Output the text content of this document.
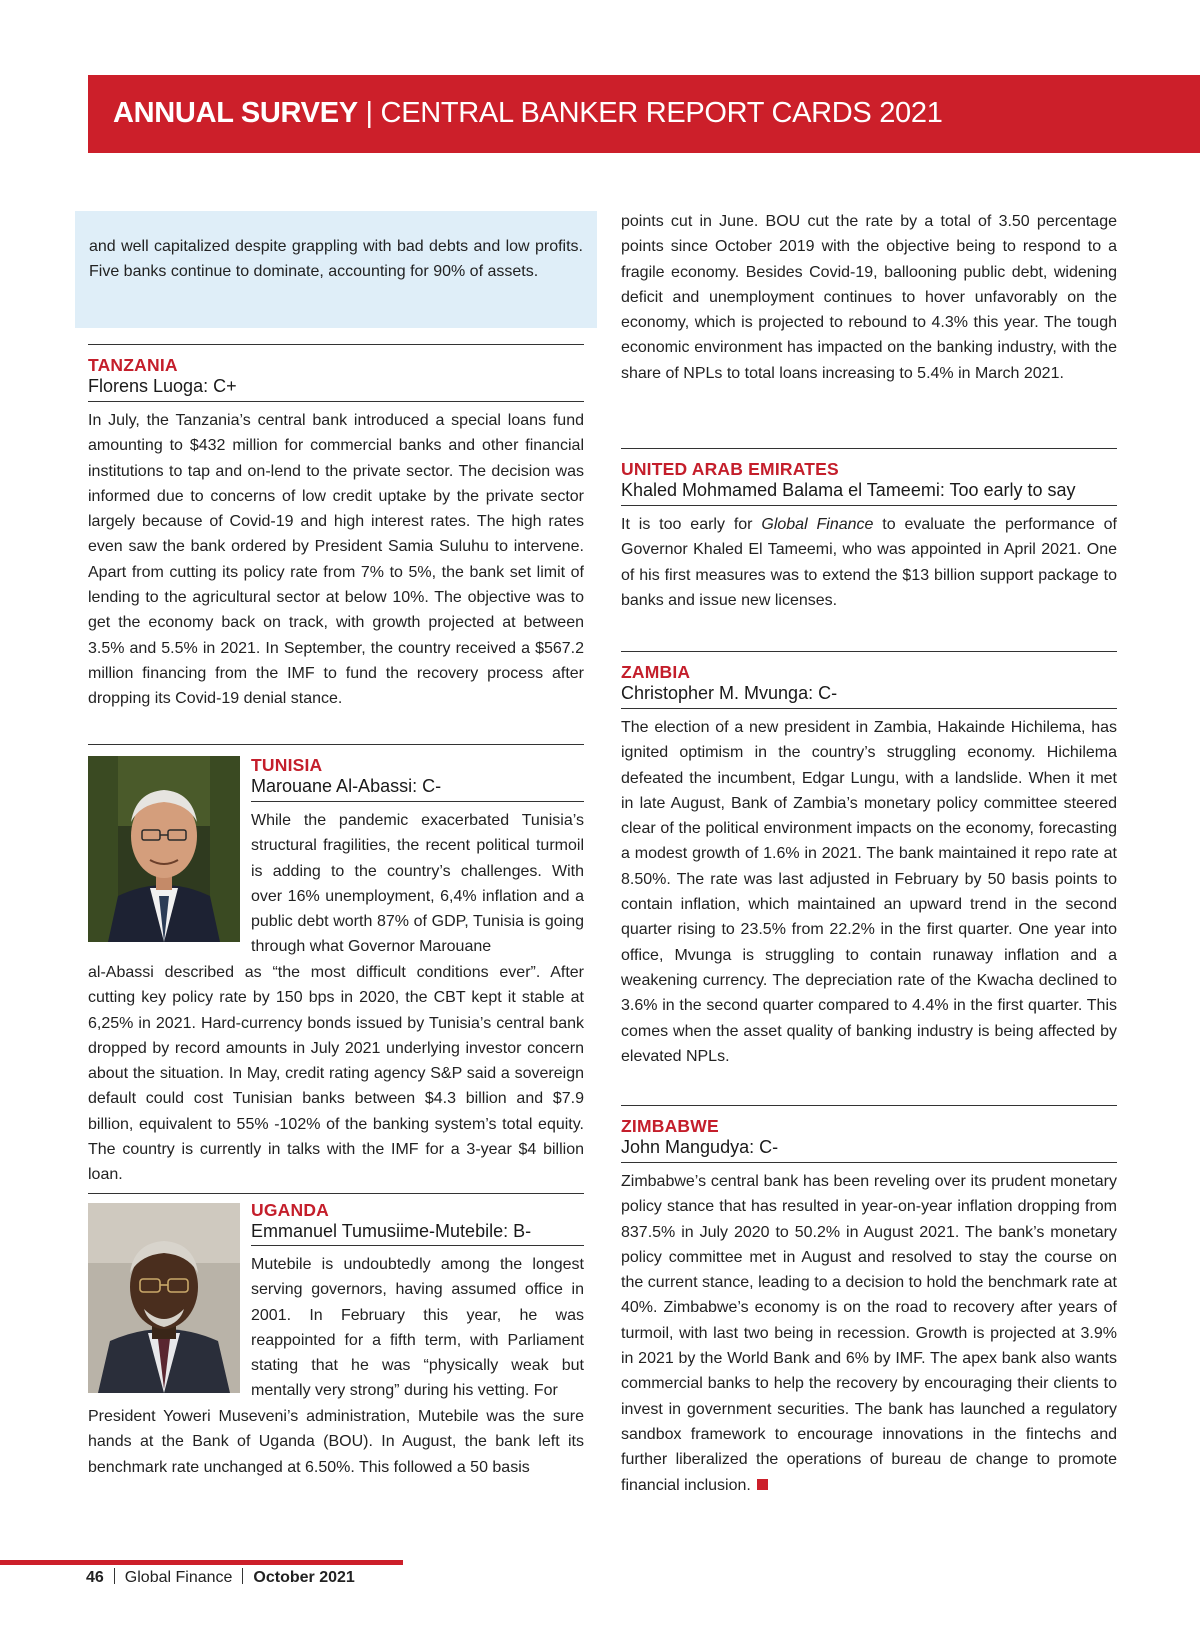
ANNUAL SURVEY | CENTRAL BANKER REPORT CARDS 2021
and well capitalized despite grappling with bad debts and low profits. Five banks continue to dominate, accounting for 90% of assets.
TANZANIA
Florens Luoga: C+
In July, the Tanzania’s central bank introduced a special loans fund amounting to $432 million for commercial banks and other financial institutions to tap and on-lend to the private sector. The decision was informed due to concerns of low credit uptake by the private sector largely because of Covid-19 and high interest rates. The high rates even saw the bank ordered by President Samia Suluhu to intervene. Apart from cutting its policy rate from 7% to 5%, the bank set limit of lending to the agricultural sector at below 10%. The objective was to get the economy back on track, with growth projected at between 3.5% and 5.5% in 2021. In September, the country received a $567.2 million financing from the IMF to fund the recovery process after dropping its Covid-19 denial stance.
TUNISIA
Marouane Al-Abassi: C-
While the pandemic exacerbated Tunisia’s structural fragilities, the recent political turmoil is adding to the country’s challenges. With over 16% unemployment, 6,4% inflation and a public debt worth 87% of GDP, Tunisia is going through what Governor Marouane
al-Abassi described as “the most difficult conditions ever”. After cutting key policy rate by 150 bps in 2020, the CBT kept it stable at 6,25% in 2021. Hard-currency bonds issued by Tunisia’s central bank dropped by record amounts in July 2021 underlying investor concern about the situation. In May, credit rating agency S&P said a sovereign default could cost Tunisian banks between $4.3 billion and $7.9 billion, equivalent to 55% -102% of the banking system’s total equity. The country is currently in talks with the IMF for a 3-year $4 billion loan.
UGANDA
Emmanuel Tumusiime-Mutebile: B-
Mutebile is undoubtedly among the longest serving governors, having assumed office in 2001. In February this year, he was reappointed for a fifth term, with Parliament stating that he was “physically weak but mentally very strong” during his vetting. For
President Yoweri Museveni’s administration, Mutebile was the sure hands at the Bank of Uganda (BOU). In August, the bank left its benchmark rate unchanged at 6.50%. This followed a 50 basis
points cut in June. BOU cut the rate by a total of 3.50 percentage points since October 2019 with the objective being to respond to a fragile economy. Besides Covid-19, ballooning public debt, widening deficit and unemployment continues to hover unfavorably on the economy, which is projected to rebound to 4.3% this year. The tough economic environment has impacted on the banking industry, with the share of NPLs to total loans increasing to 5.4% in March 2021.
UNITED ARAB EMIRATES
Khaled Mohmamed Balama el Tameemi: Too early to say
It is too early for Global Finance to evaluate the performance of Governor Khaled El Tameemi, who was appointed in April 2021. One of his first measures was to extend the $13 billion support package to banks and issue new licenses.
ZAMBIA
Christopher M. Mvunga: C-
The election of a new president in Zambia, Hakainde Hichilema, has ignited optimism in the country’s struggling economy. Hichilema defeated the incumbent, Edgar Lungu, with a landslide. When it met in late August, Bank of Zambia’s monetary policy committee steered clear of the political environment impacts on the economy, forecasting a modest growth of 1.6% in 2021. The bank maintained it repo rate at 8.50%. The rate was last adjusted in February by 50 basis points to contain inflation, which maintained an upward trend in the second quarter rising to 23.5% from 22.2% in the first quarter. One year into office, Mvunga is struggling to contain runaway inflation and a weakening currency. The depreciation rate of the Kwacha declined to 3.6% in the second quarter compared to 4.4% in the first quarter. This comes when the asset quality of banking industry is being affected by elevated NPLs.
ZIMBABWE
John Mangudya: C-
Zimbabwe’s central bank has been reveling over its prudent monetary policy stance that has resulted in year-on-year inflation dropping from 837.5% in July 2020 to 50.2% in August 2021. The bank’s monetary policy committee met in August and resolved to stay the course on the current stance, leading to a decision to hold the benchmark rate at 40%. Zimbabwe’s economy is on the road to recovery after years of turmoil, with last two being in recession. Growth is projected at 3.9% in 2021 by the World Bank and 6% by IMF. The apex bank also wants commercial banks to help the recovery by encouraging their clients to invest in government securities. The bank has launched a regulatory sandbox framework to encourage innovations in the fintechs and further liberalized the operations of bureau de change to promote financial inclusion.
46 Global Finance October 2021
